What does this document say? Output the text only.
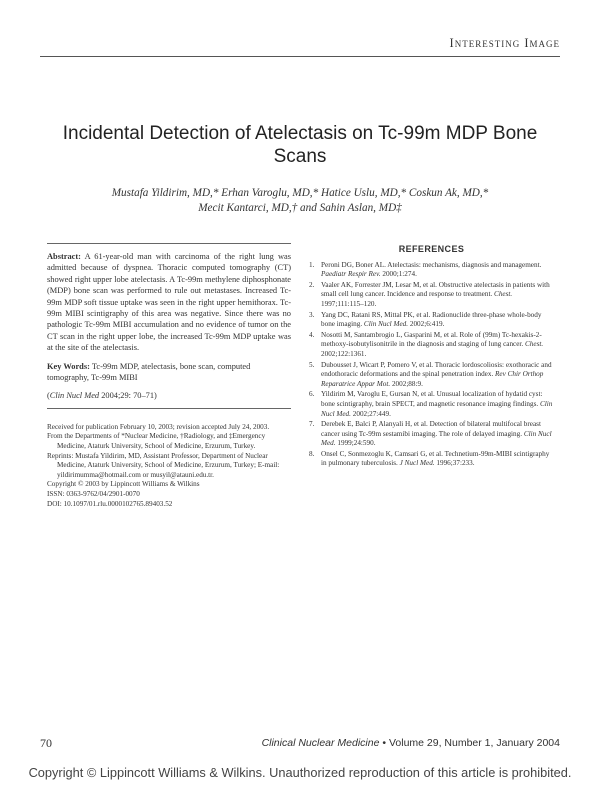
Interesting Image
Incidental Detection of Atelectasis on Tc-99m MDP Bone Scans
Mustafa Yildirim, MD,* Erhan Varoglu, MD,* Hatice Uslu, MD,* Coskun Ak, MD,*
Mecit Kantarci, MD,† and Sahin Aslan, MD‡

Abstract: A 61-year-old man with carcinoma of the right lung was admitted because of dyspnea. Thoracic computed tomography (CT) showed right upper lobe atelectasis. A Tc-99m methylene diphosphonate (MDP) bone scan was performed to rule out metastases. Increased Tc-99m MDP soft tissue uptake was seen in the right upper hemithorax. Tc-99m MIBI scintigraphy of this area was negative. Since there was no pathologic Tc-99m MIBI accumulation and no evidence of tumor on the CT scan in the right upper lobe, the increased Tc-99m MDP uptake was at the site of the atelectasis.

Key Words: Tc-99m MDP, atelectasis, bone scan, computed tomography, Tc-99m MIBI

(Clin Nucl Med 2004;29: 70–71)

Received for publication February 10, 2003; revision accepted July 24, 2003.

From the Departments of *Nuclear Medicine, †Radiology, and ‡Emergency Medicine, Ataturk University, School of Medicine, Erzurum, Turkey.

Reprints: Mustafa Yildirim, MD, Assistant Professor, Department of Nuclear Medicine, Ataturk University, School of Medicine, Erzurum, Turkey; E-mail: yildirimumma@hotmail.com or musyil@atauni.edu.tr.

Copyright © 2003 by Lippincott Williams & Wilkins

ISSN: 0363-9762/04/2901-0070

DOI: 10.1097/01.rlu.0000102765.89403.52

REFERENCES
1. Peroni DG, Boner AL. Atelectasis: mechanisms, diagnosis and management. Paediatr Respir Rev. 2000;1:274.
2. Vaaler AK, Forrester JM, Lesar M, et al. Obstructive atelectasis in patients with small cell lung cancer. Incidence and response to treatment. Chest. 1997;111:115–120.
3. Yang DC, Ratani RS, Mittal PK, et al. Radionuclide three-phase whole-body bone imaging. Clin Nucl Med. 2002;6:419.
4. Nosotti M, Santambrogio L, Gasparini M, et al. Role of (99m) Tc-hexakis-2-methoxy-isobutylisonitrile in the diagnosis and staging of lung cancer. Chest. 2002;122:1361.
5. Dubousset J, Wicart P, Pomero V, et al. Thoracic lordoscoliosis: exothoracic and endothoracic deformations and the spinal penetration index. Rev Chir Orthop Reparatrice Appar Mot. 2002;88:9.
6. Yildirim M, Varoglu E, Gursan N, et al. Unusual localization of hydatid cyst: bone scintigraphy, brain SPECT, and magnetic resonance imaging findings. Clin Nucl Med. 2002;27:449.
7. Derebek E, Balci P, Alanyali H, et al. Detection of bilateral multifocal breast cancer using Tc-99m sestamibi imaging. The role of delayed imaging. Clin Nucl Med. 1999;24:590.
8. Onsel C, Sonmezoglu K, Camsari G, et al. Technetium-99m-MIBI scintigraphy in pulmonary tuberculosis. J Nucl Med. 1996;37:233.
70	Clinical Nuclear Medicine • Volume 29, Number 1, January 2004
Copyright © Lippincott Williams & Wilkins. Unauthorized reproduction of this article is prohibited.
